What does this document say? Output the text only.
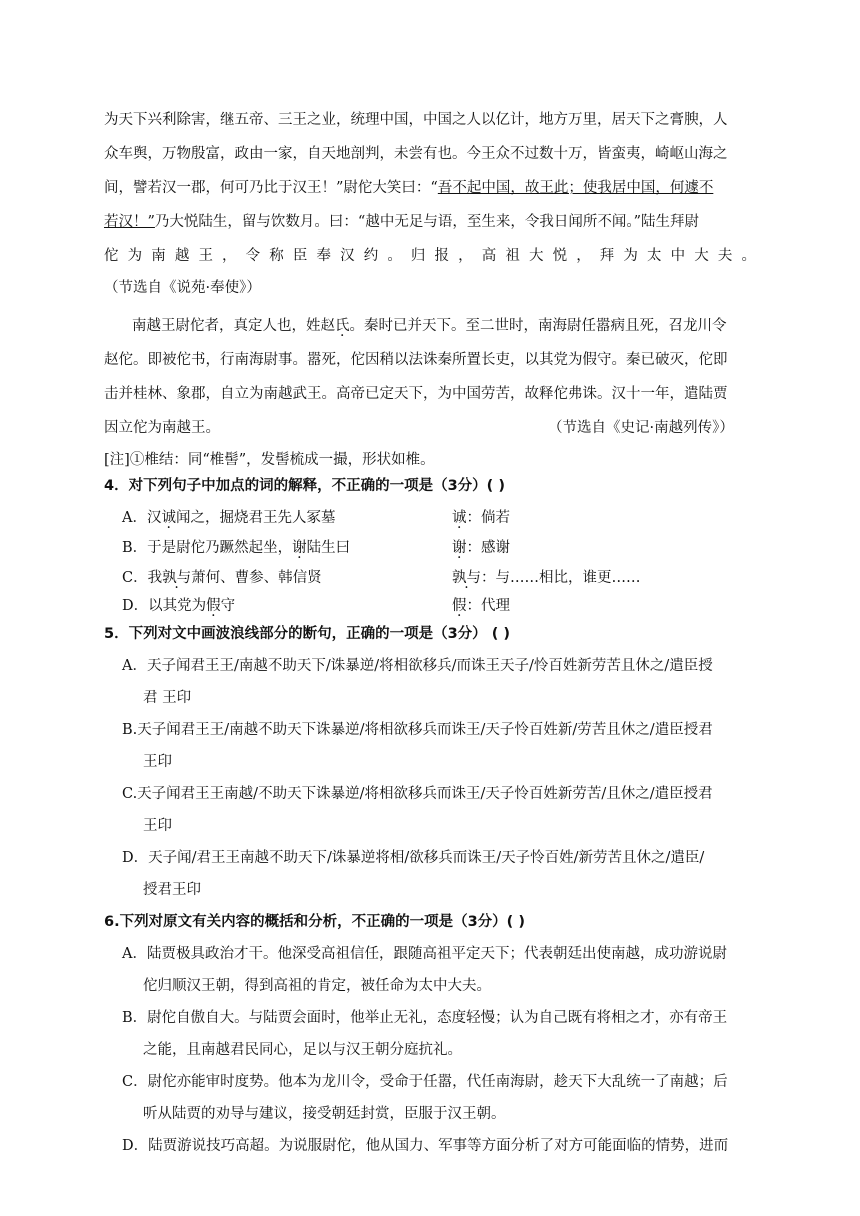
为天下兴利除害，继五帝、三王之业，统理中国，中国之人以亿计，地方万里，居天下之膏腴，人
众车舆，万物殷富，政由一家，自天地剖判，未尝有也。今王众不过数十万，皆蛮夷，崎岖山海之
间，譬若汉一郡，何可乃比于汉王！”尉佗大笑曰：“吾不起中国，故王此；使我居中国，何遽不
若汉！”乃大悦陆生，留与饮数月。曰：“越中无足与语，至生来，令我日闻所不闻。”陆生拜尉
佗 为 南 越 王 ， 令 称 臣 奉 汉 约 。 归 报 ， 高 祖 大 悦 ， 拜 为 太 中 大 夫 。
（节选自《说苑·奉使》）
南越王尉佗者，真定人也，姓赵氏。秦时已并天下。至二世时，南海尉任嚣病且死，召龙川令
赵佗。即被佗书，行南海尉事。嚣死，佗因稍以法诛秦所置长吏，以其党为假守。秦已破灭，佗即
击并桂林、象郡，自立为南越武王。高帝已定天下，为中国劳苦，故释佗弗诛。汉十一年，遣陆贾
因立佗为南越王。	（节选自《史记·南越列传》）
[注]①椎结：同“椎髻”，发髻梳成一撮，形状如椎。
4．对下列句子中加点的词的解释，不正确的一项是（3分）( )
A．汉诚闻之，掘烧君王先人冢墓	诚：倘若
B．于是尉佗乃蹶然起坐，谢陆生曰	谢：感谢
C．我孰与萧何、曹参、韩信贤	孰与：与……相比，谁更……
D．以其党为假守	假：代理
5．下列对文中画波浪线部分的断句，正确的一项是（3分） ( )
A．天子闻君王王/南越不助天下/诛暴逆/将相欲移兵/而诛王天子/怜百姓新劳苦且休之/遣臣授
君 王印
B.天子闻君王王/南越不助天下诛暴逆/将相欲移兵而诛王/天子怜百姓新/劳苦且休之/遣臣授君
王印
C.天子闻君王王南越/不助天下诛暴逆/将相欲移兵而诛王/天子怜百姓新劳苦/且休之/遣臣授君
王印
D．天子闻/君王王南越不助天下/诛暴逆将相/欲移兵而诛王/天子怜百姓/新劳苦且休之/遣臣/
授君王印
6.下列对原文有关内容的概括和分析，不正确的一项是（3分）( )
A．陆贾极具政治才干。他深受高祖信任，跟随高祖平定天下；代表朝廷出使南越，成功游说尉
佗归顺汉王朝，得到高祖的肯定，被任命为太中大夫。
B．尉佗自傲自大。与陆贾会面时，他举止无礼，态度轻慢；认为自己既有将相之才，亦有帝王
之能，且南越君民同心，足以与汉王朝分庭抗礼。
C．尉佗亦能审时度势。他本为龙川令，受命于任嚣，代任南海尉，趁天下大乱统一了南越；后
听从陆贾的劝导与建议，接受朝廷封赏，臣服于汉王朝。
D．陆贾游说技巧高超。为说服尉佗，他从国力、军事等方面分析了对方可能面临的情势，进而
